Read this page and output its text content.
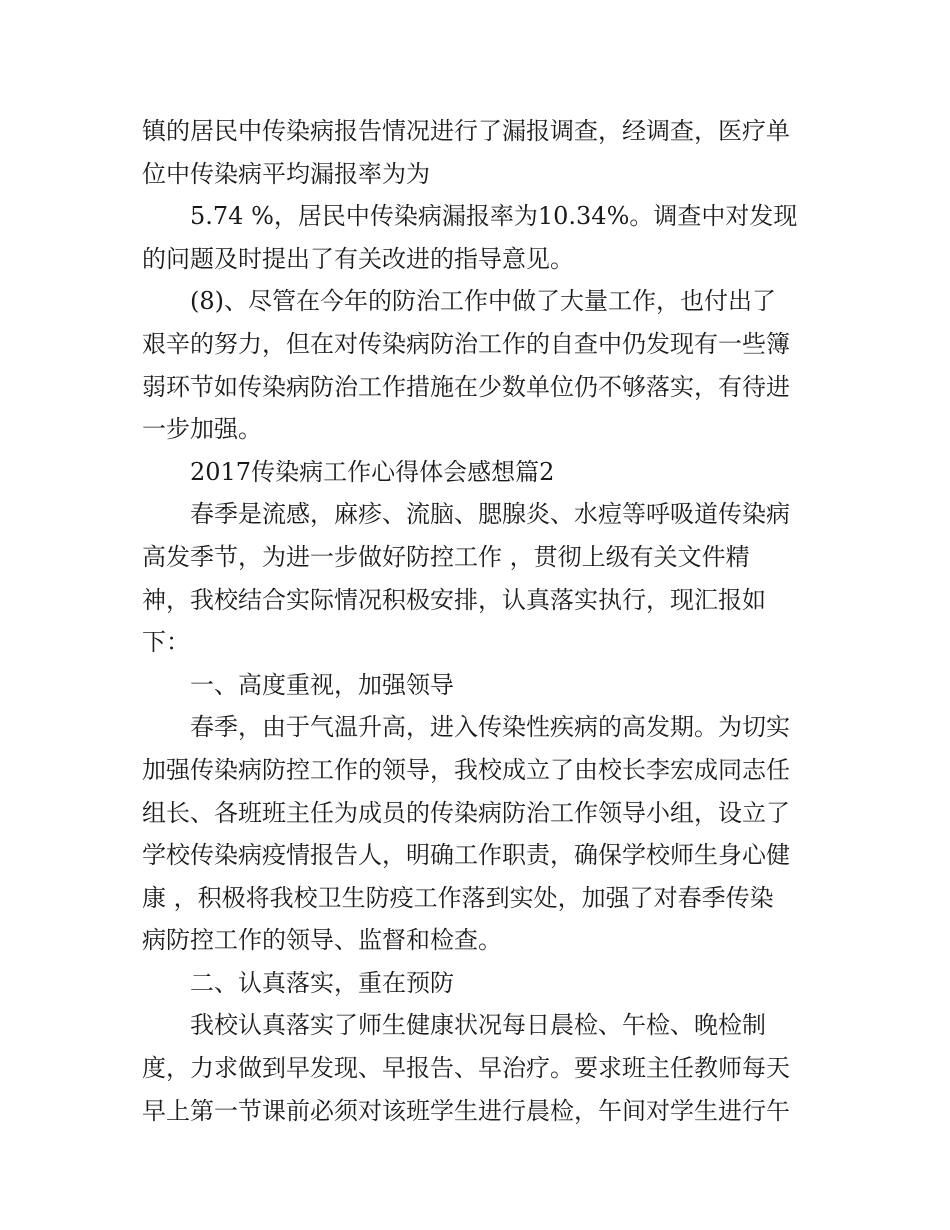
镇的居民中传染病报告情况进行了漏报调查，经调查，医疗单
位中传染病平均漏报率为为
5.74 %，居民中传染病漏报率为10.34%。调查中对发现
的问题及时提出了有关改进的指导意见。
(8)、尽管在今年的防治工作中做了大量工作，也付出了
艰辛的努力，但在对传染病防治工作的自查中仍发现有一些簿
弱环节如传染病防治工作措施在少数单位仍不够落实，有待进
一步加强。
2017传染病工作心得体会感想篇2
春季是流感，麻疹、流脑、腮腺炎、水痘等呼吸道传染病
高发季节，为进一步做好防控工作 ，贯彻上级有关文件精
神，我校结合实际情况积极安排，认真落实执行，现汇报如
下：
一、高度重视，加强领导
春季，由于气温升高，进入传染性疾病的高发期。为切实
加强传染病防控工作的领导，我校成立了由校长李宏成同志任
组长、各班班主任为成员的传染病防治工作领导小组，设立了
学校传染病疫情报告人，明确工作职责，确保学校师生身心健
康 ，积极将我校卫生防疫工作落到实处，加强了对春季传染
病防控工作的领导、监督和检查。
二、认真落实，重在预防
我校认真落实了师生健康状况每日晨检、午检、晚检制
度，力求做到早发现、早报告、早治疗。要求班主任教师每天
早上第一节课前必须对该班学生进行晨检，午间对学生进行午
